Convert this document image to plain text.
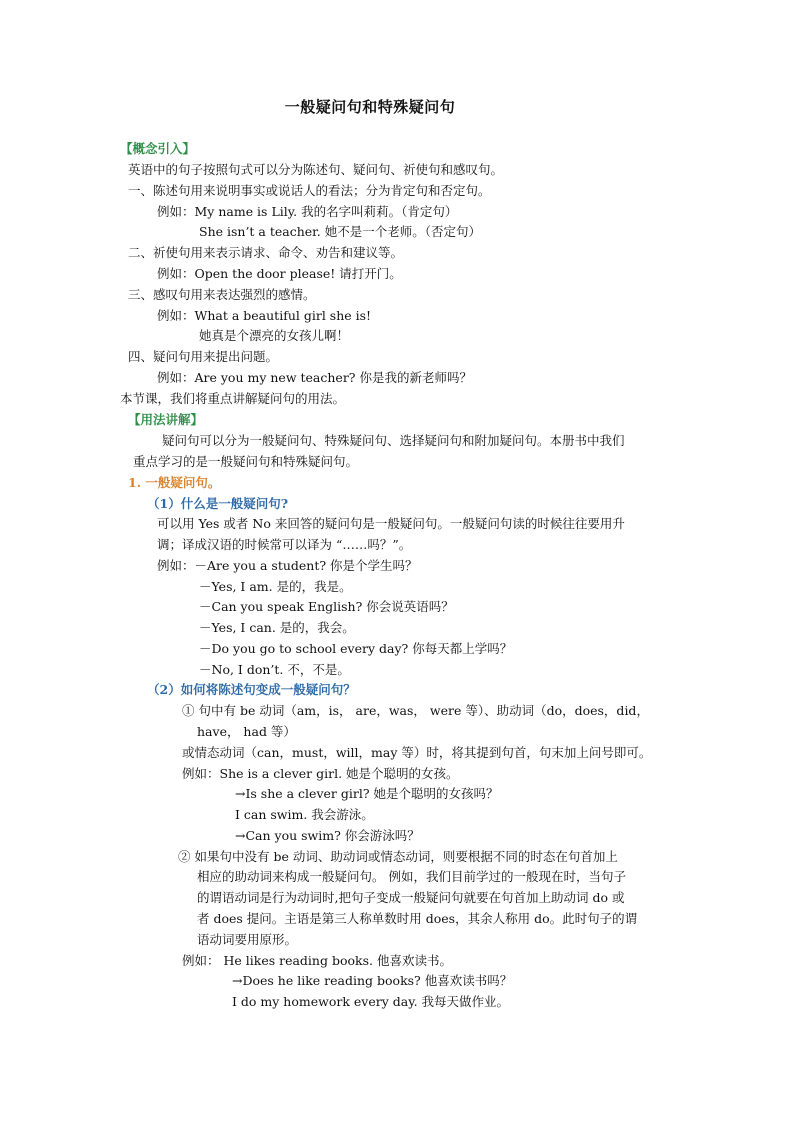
一般疑问句和特殊疑问句
【概念引入】
英语中的句子按照句式可以分为陈述句、疑问句、祈使句和感叹句。
一、陈述句用来说明事实或说话人的看法；分为肯定句和否定句。
例如：My name is Lily. 我的名字叫莉莉。（肯定句）
She isn’t a teacher. 她不是一个老师。（否定句）
二、祈使句用来表示请求、命令、劝告和建议等。
例如：Open the door please! 请打开门。
三、感叹句用来表达强烈的感情。
例如：What a beautiful girl she is!
她真是个漂亮的女孩儿啊！
四、疑问句用来提出问题。
例如：Are you my new teacher? 你是我的新老师吗？
本节课，我们将重点讲解疑问句的用法。
【用法讲解】
疑问句可以分为一般疑问句、特殊疑问句、选择疑问句和附加疑问句。本册书中我们
重点学习的是一般疑问句和特殊疑问句。
1. 一般疑问句。
（1）什么是一般疑问句?
可以用 Yes 或者 No 来回答的疑问句是一般疑问句。一般疑问句读的时候往往要用升
调；译成汉语的时候常可以译为 “……吗？”。
例如：－Are you a student? 你是个学生吗？
－Yes, I am. 是的，我是。
－Can you speak English? 你会说英语吗？
－Yes, I can. 是的，我会。
－Do you go to school every day? 你每天都上学吗？
－No, I don’t. 不，不是。
（2）如何将陈述句变成一般疑问句？
① 句中有 be 动词（am，is， are，was， were 等）、助动词（do，does，did，
have， had 等）
或情态动词（can，must，will，may 等）时，将其提到句首，句末加上问号即可。
例如：She is a clever girl. 她是个聪明的女孩。
→Is she a clever girl? 她是个聪明的女孩吗？
I can swim. 我会游泳。
→Can you swim? 你会游泳吗？
② 如果句中没有 be 动词、助动词或情态动词，则要根据不同的时态在句首加上
相应的助动词来构成一般疑问句。 例如，我们目前学过的一般现在时，当句子
的谓语动词是行为动词时,把句子变成一般疑问句就要在句首加上助动词 do 或
者 does 提问。主语是第三人称单数时用 does，其余人称用 do。此时句子的谓
语动词要用原形。
例如： He likes reading books. 他喜欢读书。
→Does he like reading books? 他喜欢读书吗？
I do my homework every day. 我每天做作业。
